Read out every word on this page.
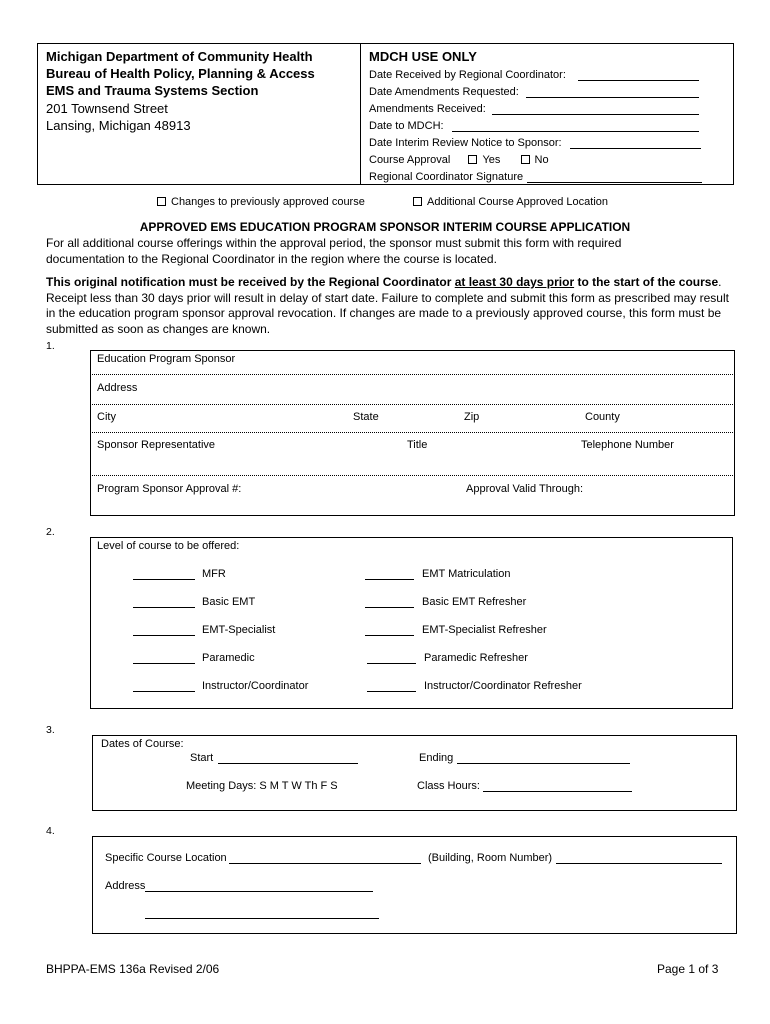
Michigan Department of Community Health
Bureau of Health Policy, Planning & Access
EMS and Trauma Systems Section
201 Townsend Street
Lansing, Michigan 48913
MDCH USE ONLY
Date Received by Regional Coordinator:
Date Amendments Requested:
Amendments Received:
Date to MDCH:
Date Interim Review Notice to Sponsor:
Course Approval	Yes	No
Regional Coordinator Signature
Changes to previously approved course	Additional Course Approved Location
APPROVED EMS EDUCATION PROGRAM SPONSOR INTERIM COURSE APPLICATION
For all additional course offerings within the approval period, the sponsor must submit this form with required documentation to the Regional Coordinator in the region where the course is located.
This original notification must be received by the Regional Coordinator at least 30 days prior to the start of the course. Receipt less than 30 days prior will result in delay of start date. Failure to complete and submit this form as prescribed may result in the education program sponsor approval revocation. If changes are made to a previously approved course, this form must be submitted as soon as changes are known.
1.
Education Program Sponsor
Address
City	State	Zip	County
Sponsor Representative	Title	Telephone Number
Program Sponsor Approval #:	Approval Valid Through:
2.
Level of course to be offered:
MFR	EMT Matriculation
Basic EMT	Basic EMT Refresher
EMT-Specialist	EMT-Specialist Refresher
Paramedic	Paramedic Refresher
Instructor/Coordinator	Instructor/Coordinator Refresher
3.
Dates of Course:
Start	Ending
Meeting Days: S M T W Th F S	Class Hours:
4.
Specific Course Location	(Building, Room Number)
Address
BHPPA-EMS 136a Revised 2/06	Page 1 of 3
